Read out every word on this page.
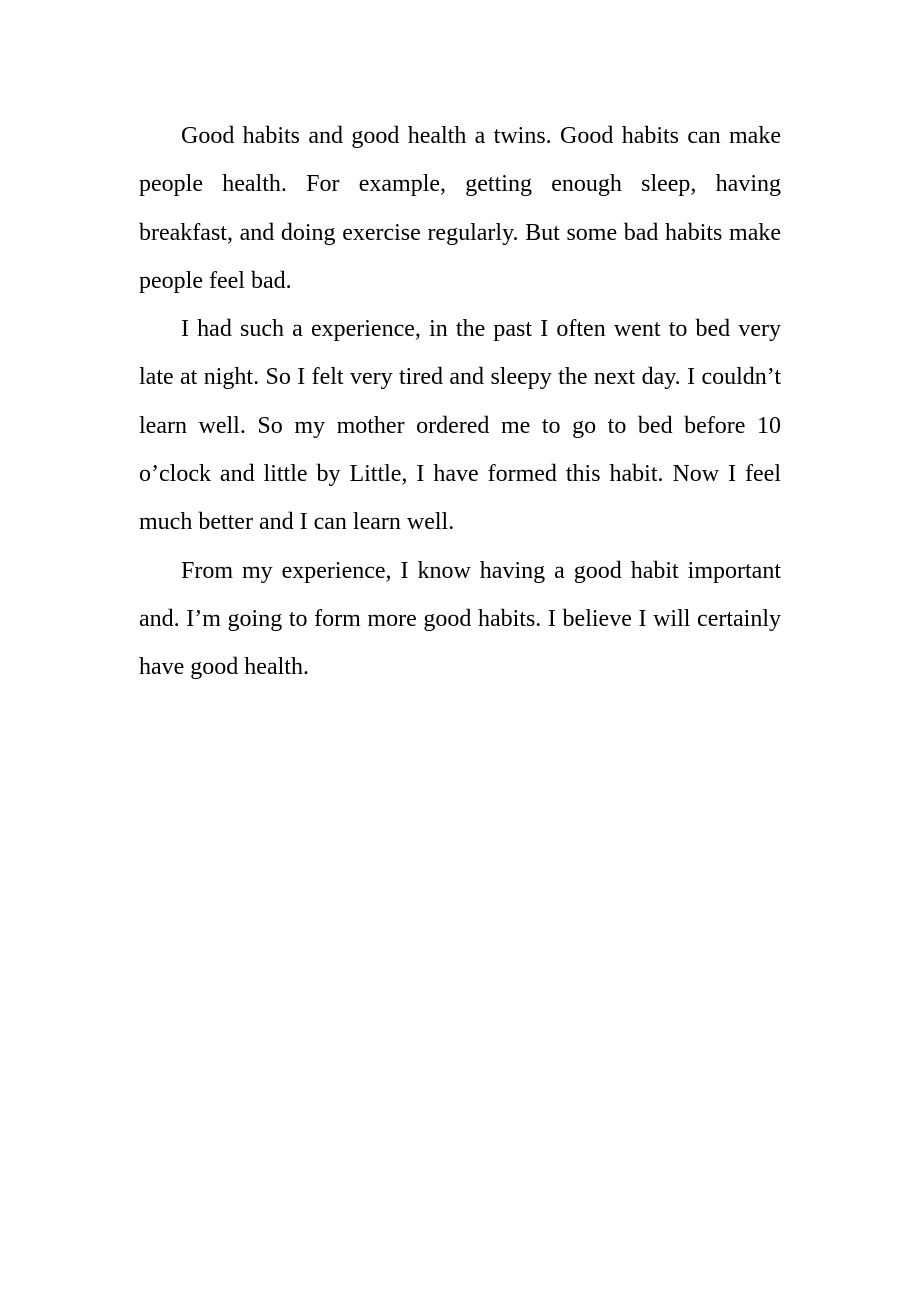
Good habits and good health a twins. Good habits can make people health. For example, getting enough sleep, having breakfast, and doing exercise regularly. But some bad habits make people feel bad.

I had such a experience, in the past I often went to bed very late at night. So I felt very tired and sleepy the next day. I couldn’t learn well. So my mother ordered me to go to bed before 10 o’clock and little by Little, I have formed this habit. Now I feel much better and I can learn well.

From my experience, I know having a good habit important and. I’m going to form more good habits. I believe I will certainly have good health.
